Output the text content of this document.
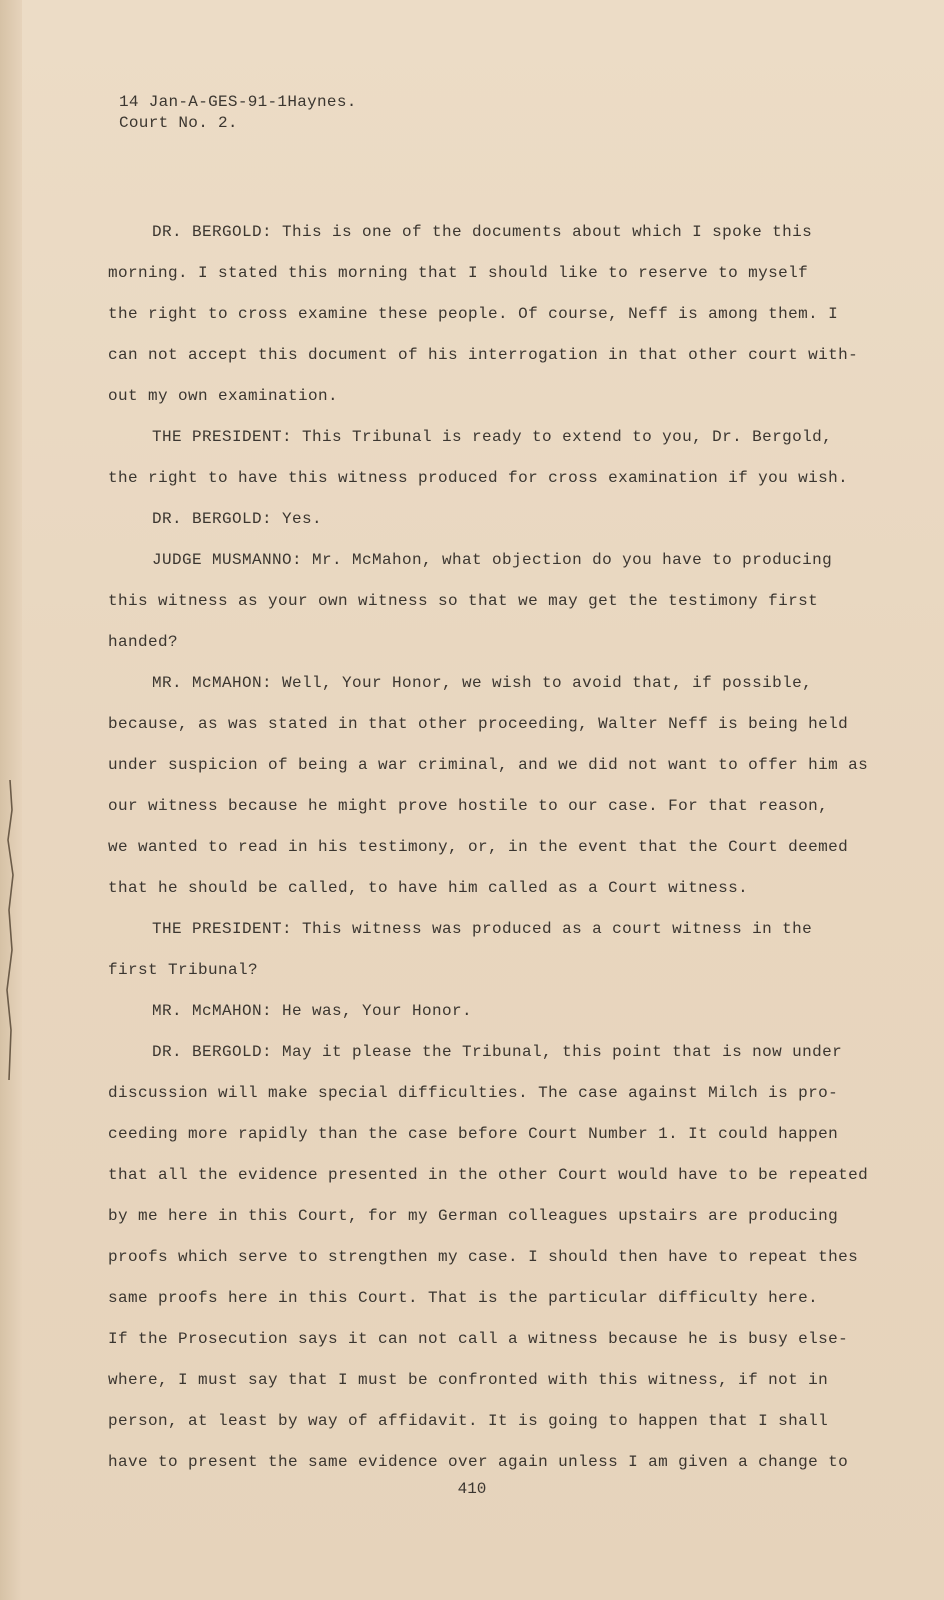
14 Jan-A-GES-91-1Haynes.
Court No. 2.
DR. BERGOLD: This is one of the documents about which I spoke this
morning. I stated this morning that I should like to reserve to myself
the right to cross examine these people. Of course, Neff is among them. I
can not accept this document of his interrogation in that other court with-
out my own examination.
THE PRESIDENT: This Tribunal is ready to extend to you, Dr. Bergold,
the right to have this witness produced for cross examination if you wish.
DR. BERGOLD: Yes.
JUDGE MUSMANNO: Mr. McMahon, what objection do you have to producing
this witness as your own witness so that we may get the testimony first
handed?
MR. McMAHON: Well, Your Honor, we wish to avoid that, if possible,
because, as was stated in that other proceeding, Walter Neff is being held
under suspicion of being a war criminal, and we did not want to offer him as
our witness because he might prove hostile to our case. For that reason,
we wanted to read in his testimony, or, in the event that the Court deemed
that he should be called, to have him called as a Court witness.
THE PRESIDENT: This witness was produced as a court witness in the
first Tribunal?
MR. McMAHON: He was, Your Honor.
DR. BERGOLD: May it please the Tribunal, this point that is now under
discussion will make special difficulties. The case against Milch is pro-
ceeding more rapidly than the case before Court Number 1. It could happen
that all the evidence presented in the other Court would have to be repeated
by me here in this Court, for my German colleagues upstairs are producing
proofs which serve to strengthen my case. I should then have to repeat thes
same proofs here in this Court. That is the particular difficulty here.
If the Prosecution says it can not call a witness because he is busy else-
where, I must say that I must be confronted with this witness, if not in
person, at least by way of affidavit. It is going to happen that I shall
have to present the same evidence over again unless I am given a change to
410
